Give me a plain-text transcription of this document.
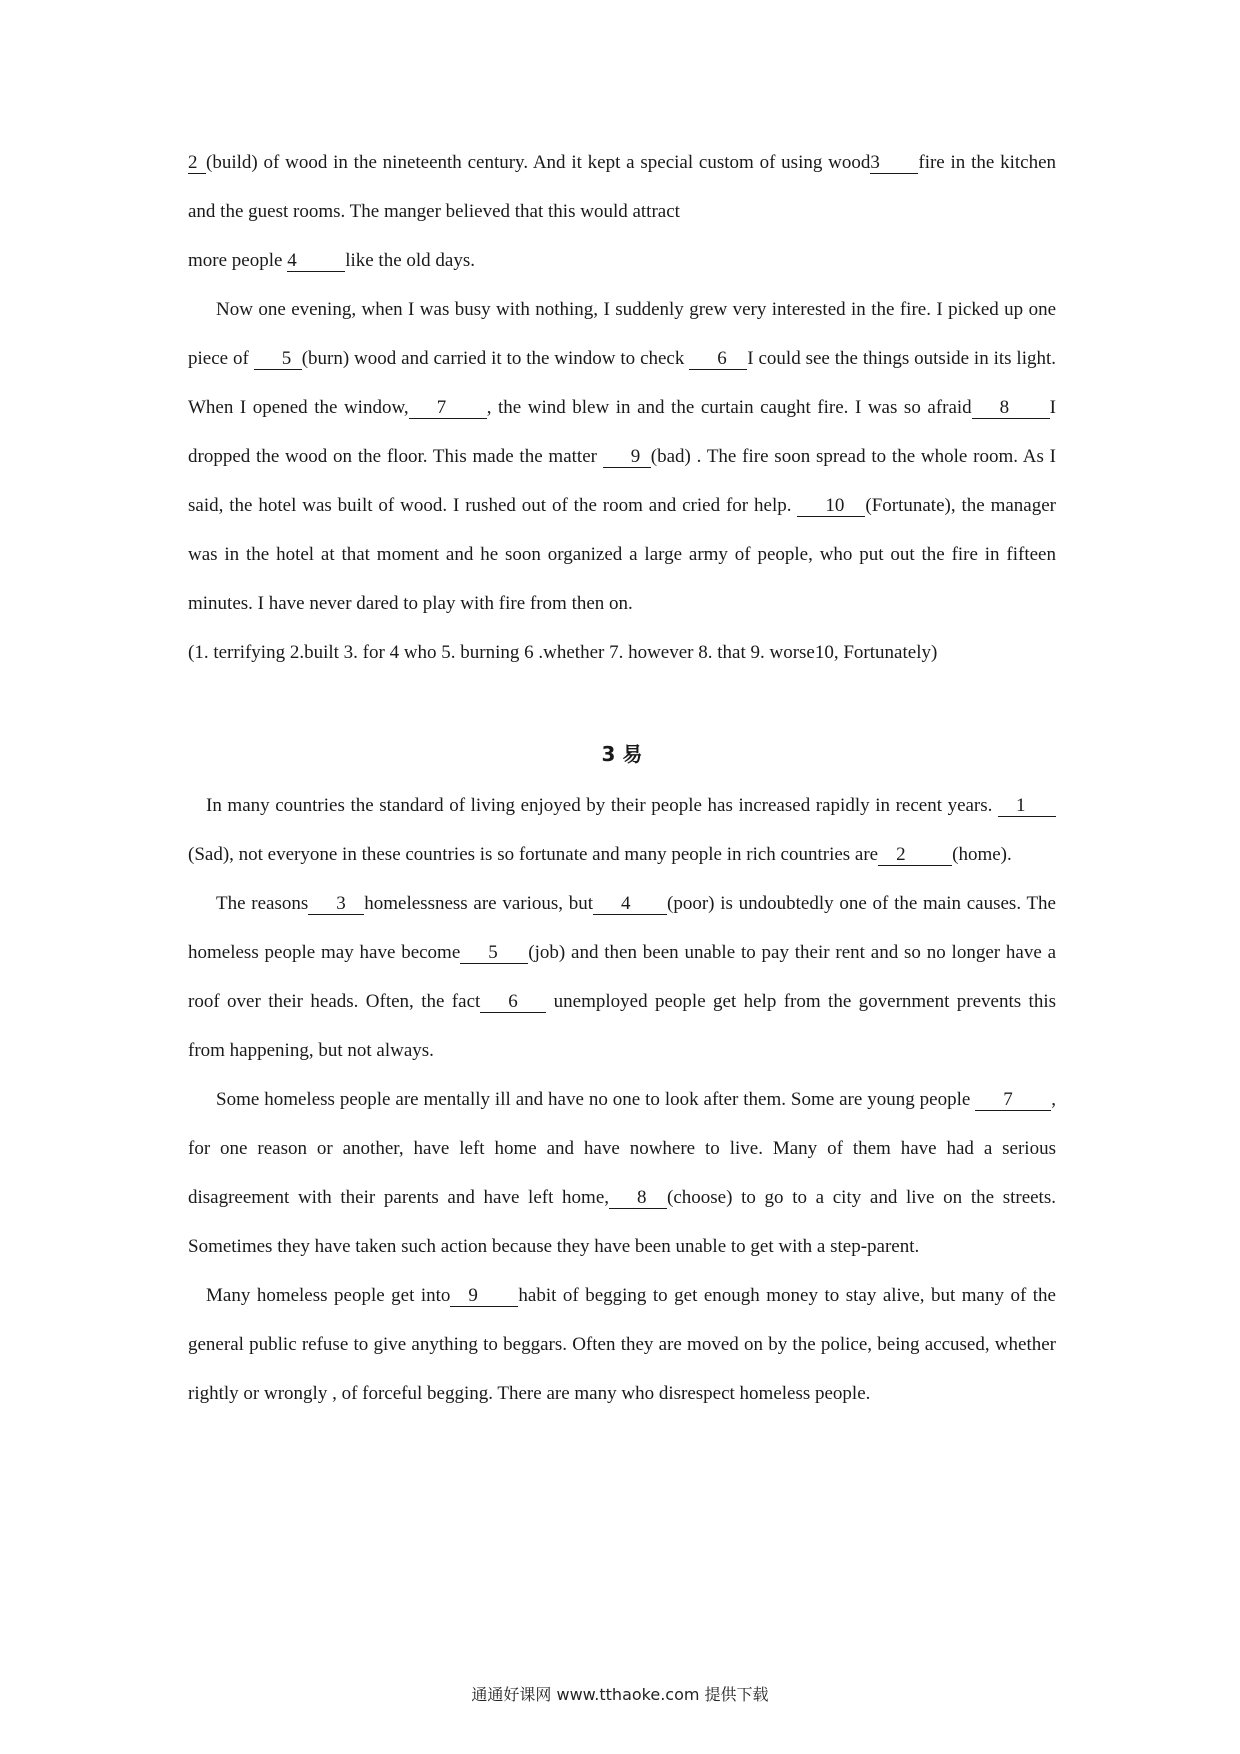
2 (build) of wood in the nineteenth century. And it kept a special custom of using wood3 fire in the kitchen and the guest rooms. The manger believed that this would attract
more people 4	like the old days.

Now one evening, when I was busy with nothing, I suddenly grew very interested in the fire. I picked up one piece of 5 (burn) wood and carried it to the window to check 6 I could see the things outside in its light. When I opened the window, 7 , the wind blew in and the curtain caught fire. I was so afraid 8 I dropped the wood on the floor. This made the matter 9 (bad) . The fire soon spread to the whole room. As I said, the hotel was built of wood. I rushed out of the room and cried for help. 10 (Fortunate), the manager was in the hotel at that moment and he soon organized a large army of people, who put out the fire in fifteen minutes. I have never dared to play with fire from then on.

(1. terrifying 2.built 3. for 4 who 5. burning 6 .whether 7. however 8. that 9. worse10, Fortunately)

3 易

In many countries the standard of living enjoyed by their people has increased rapidly in recent years. 1(Sad), not everyone in these countries is so fortunate and many people in rich countries are 2 (home).

The reasons 3 homelessness are various, but 4 (poor) is undoubtedly one of the main causes. The homeless people may have become 5 (job) and then been unable to pay their rent and so no longer have a roof over their heads. Often, the fact 6 unemployed people get help from the government prevents this from happening, but not always.

Some homeless people are mentally ill and have no one to look after them. Some are young people 7 , for one reason or another, have left home and have nowhere to live. Many of them have had a serious disagreement with their parents and have left home, 8 (choose) to go to a city and live on the streets. Sometimes they have taken such action because they have been unable to get with a step-parent.

Many homeless people get into 9 habit of begging to get enough money to stay alive, but many of the general public refuse to give anything to beggars. Often they are moved on by the police, being accused, whether rightly or wrongly , of forceful begging. There are many who disrespect homeless people.

通通好课网 www.tthaoke.com 提供下载
